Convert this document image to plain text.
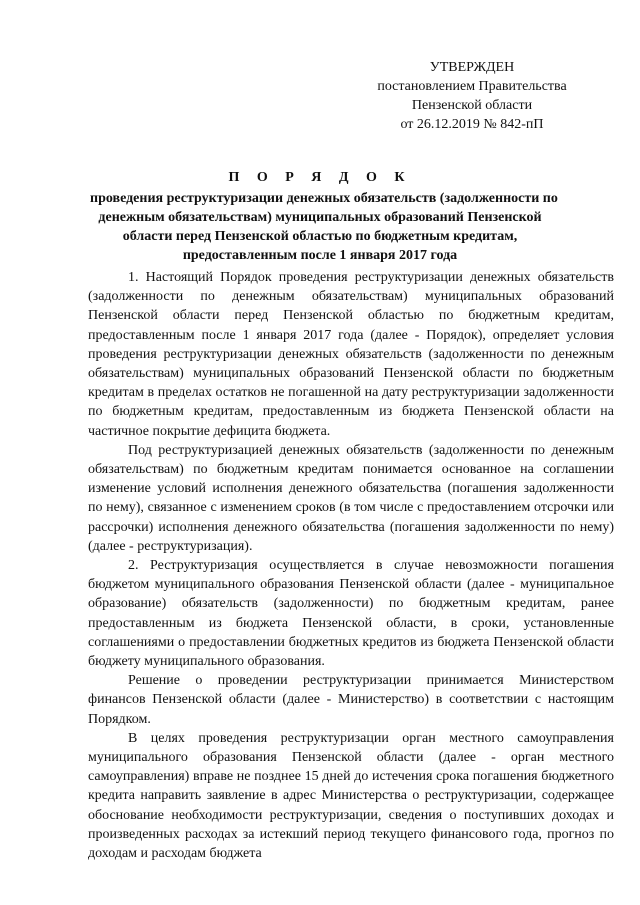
УТВЕРЖДЕН
постановлением Правительства
Пензенской области
от 26.12.2019 № 842-пП
П О Р Я Д О К
проведения реструктуризации денежных обязательств (задолженности по
денежным обязательствам) муниципальных образований Пензенской
области перед Пензенской областью по бюджетным кредитам,
предоставленным после 1 января 2017 года

1. Настоящий Порядок проведения реструктуризации денежных обязательств (задолженности по денежным обязательствам) муниципальных образований Пензенской области перед Пензенской областью по бюджетным кредитам, предоставленным после 1 января 2017 года (далее - Порядок), определяет условия проведения реструктуризации денежных обязательств (задолженности по денежным обязательствам) муниципальных образований Пензенской области по бюджетным кредитам в пределах остатков не погашенной на дату реструктуризации задолженности по бюджетным кредитам, предоставленным из бюджета Пензенской области на частичное покрытие дефицита бюджета.

Под реструктуризацией денежных обязательств (задолженности по денежным обязательствам) по бюджетным кредитам понимается основанное на соглашении изменение условий исполнения денежного обязательства (погашения задолженности по нему), связанное с изменением сроков (в том числе с предоставлением отсрочки или рассрочки) исполнения денежного обязательства (погашения задолженности по нему) (далее - реструктуризация).

2. Реструктуризация осуществляется в случае невозможности погашения бюджетом муниципального образования Пензенской области (далее - муниципальное образование) обязательств (задолженности) по бюджетным кредитам, ранее предоставленным из бюджета Пензенской области, в сроки, установленные соглашениями о предоставлении бюджетных кредитов из бюджета Пензенской области бюджету муниципального образования.

Решение о проведении реструктуризации принимается Министерством финансов Пензенской области (далее - Министерство) в соответствии с настоящим Порядком.

В целях проведения реструктуризации орган местного самоуправления муниципального образования Пензенской области (далее - орган местного самоуправления) вправе не позднее 15 дней до истечения срока погашения бюджетного кредита направить заявление в адрес Министерства о реструктуризации, содержащее обоснование необходимости реструктуризации, сведения о поступивших доходах и произведенных расходах за истекший период текущего финансового года, прогноз по доходам и расходам бюджета
